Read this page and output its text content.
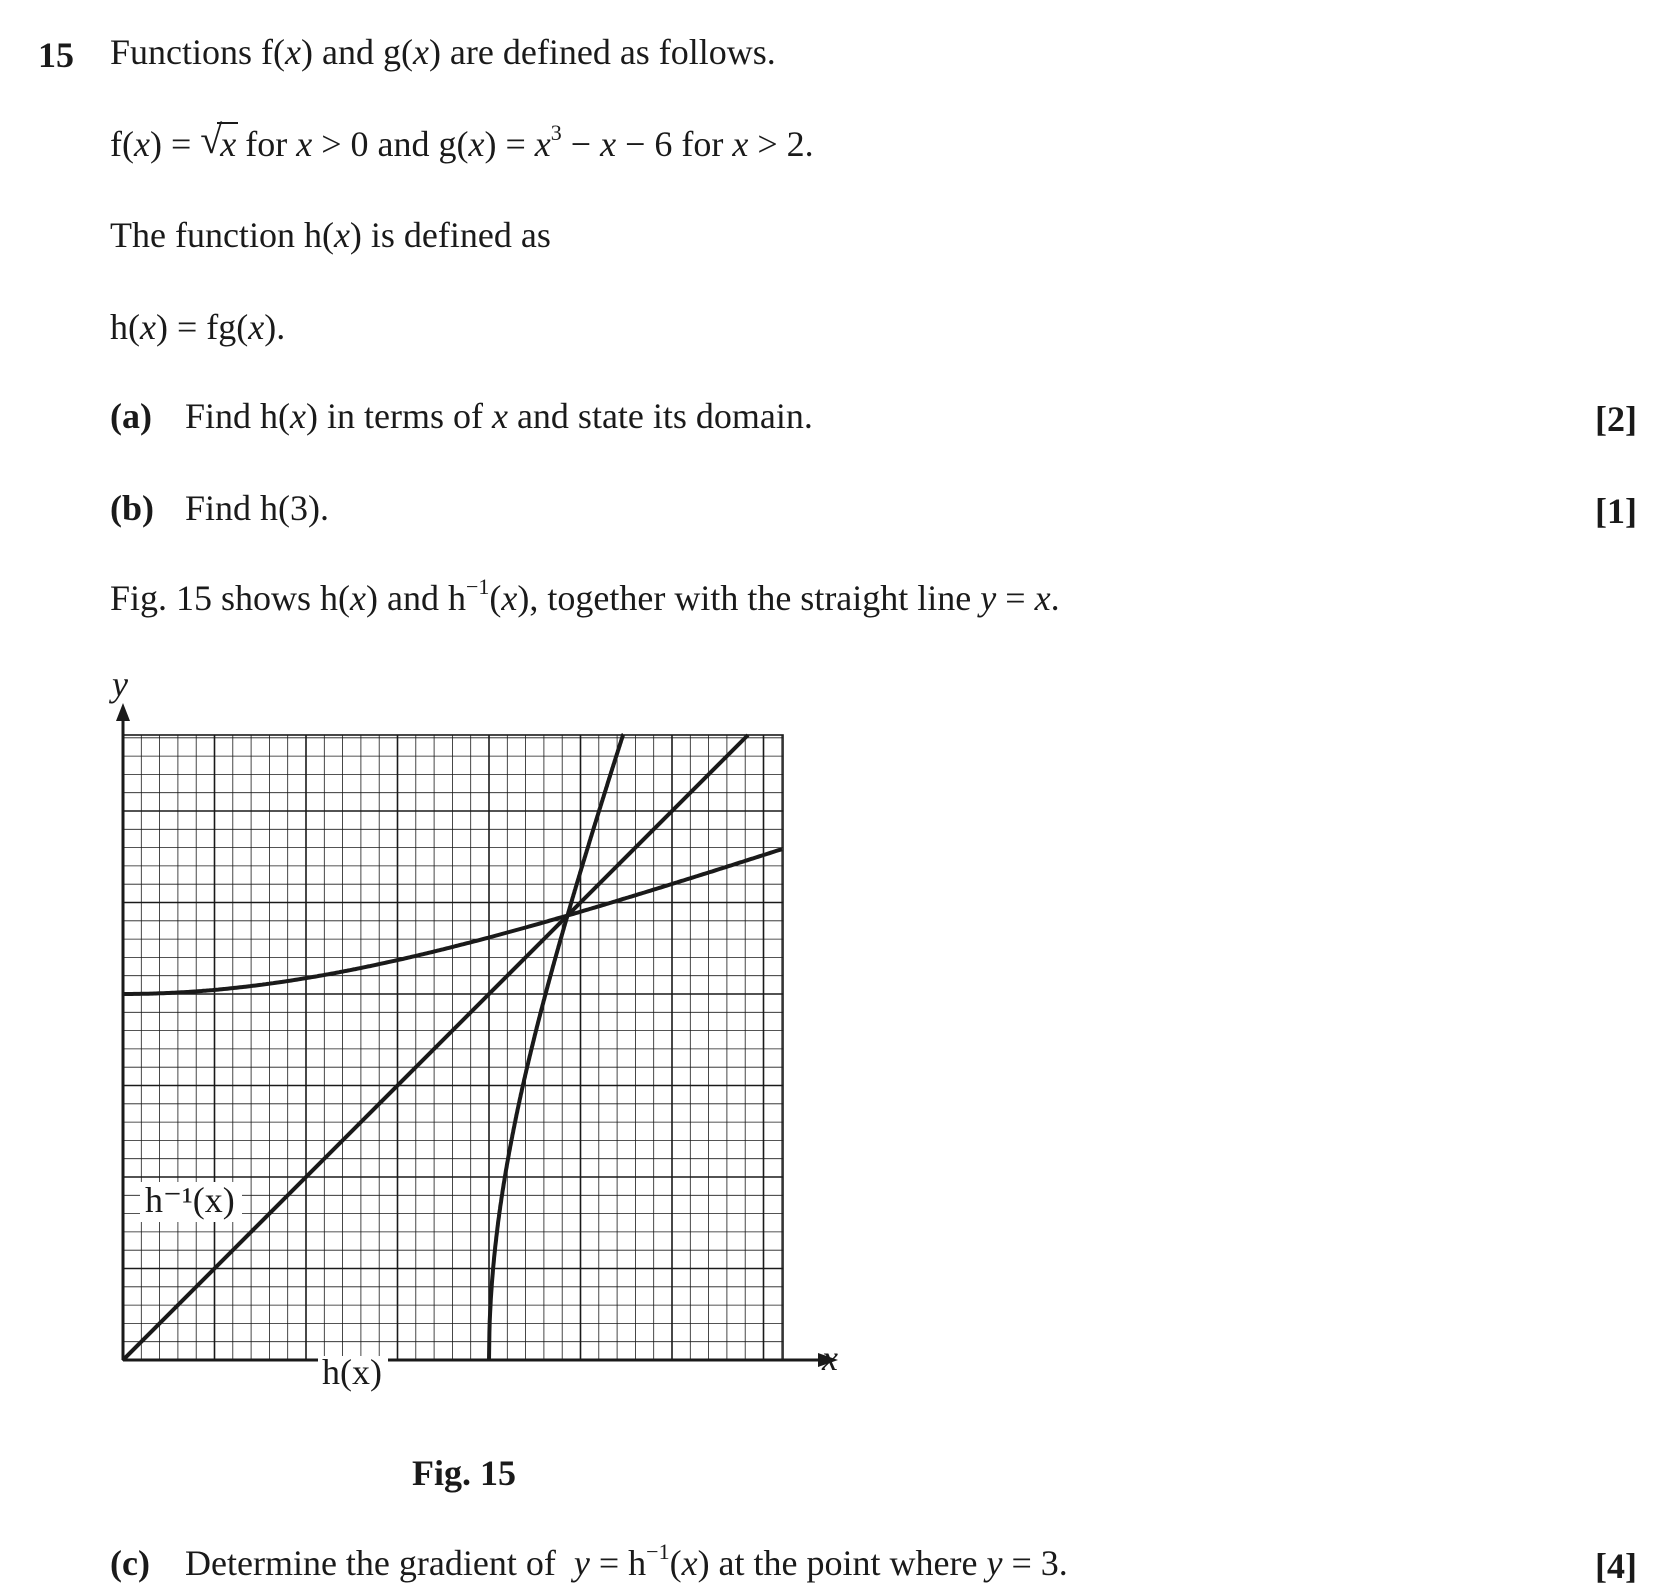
15 Functions f(x) and g(x) are defined as follows.
f(x) = √
x for x > 0 and $g(x) = x^3 - x - 6$ for x > 2.
The function h(x) is defined as
h(x) = fg(x).
(a) Find h(x) in terms of x and state its domain.	[2]
(b) Find h(3).	[1]
Fig. 15 shows h(x) and $h^{-1}(x)$, together with the straight line y = x.
y
x
h(x)
h⁻¹(x)
Fig. 15
(c) Determine the gradient of  $y = h^{-1}(x)$ at the point where y = 3.	[4]
